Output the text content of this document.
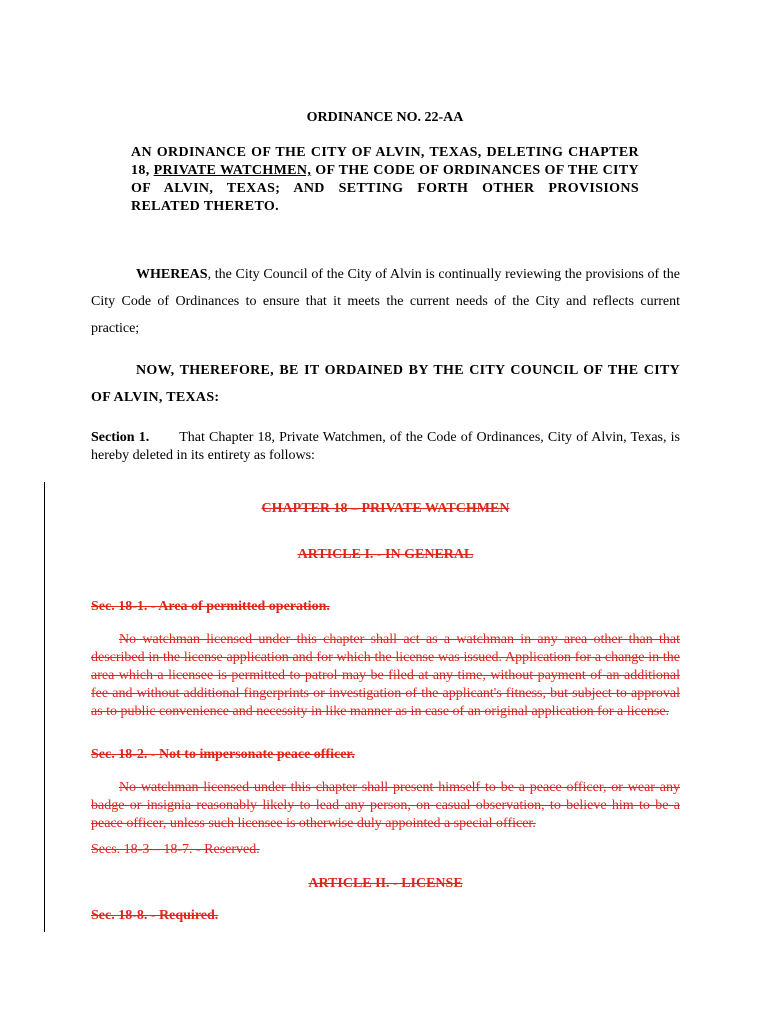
ORDINANCE NO. 22-AA
AN ORDINANCE OF THE CITY OF ALVIN, TEXAS, DELETING CHAPTER 18, PRIVATE WATCHMEN, OF THE CODE OF ORDINANCES OF THE CITY OF ALVIN, TEXAS; AND SETTING FORTH OTHER PROVISIONS RELATED THERETO.
WHEREAS, the City Council of the City of Alvin is continually reviewing the provisions of the City Code of Ordinances to ensure that it meets the current needs of the City and reflects current practice;
NOW, THEREFORE, BE IT ORDAINED BY THE CITY COUNCIL OF THE CITY OF ALVIN, TEXAS:
Section 1. That Chapter 18, Private Watchmen, of the Code of Ordinances, City of Alvin, Texas, is hereby deleted in its entirety as follows:
CHAPTER 18 – PRIVATE WATCHMEN
ARTICLE I. - IN GENERAL
Sec. 18-1. - Area of permitted operation.
No watchman licensed under this chapter shall act as a watchman in any area other than that described in the license application and for which the license was issued. Application for a change in the area which a licensee is permitted to patrol may be filed at any time, without payment of an additional fee and without additional fingerprints or investigation of the applicant's fitness, but subject to approval as to public convenience and necessity in like manner as in case of an original application for a license.
Sec. 18-2. - Not to impersonate peace officer.
No watchman licensed under this chapter shall present himself to be a peace officer, or wear any badge or insignia reasonably likely to lead any person, on casual observation, to believe him to be a peace officer, unless such licensee is otherwise duly appointed a special officer.
Secs. 18-3 – 18-7. - Reserved.
ARTICLE II. - LICENSE
Sec. 18-8. - Required.
